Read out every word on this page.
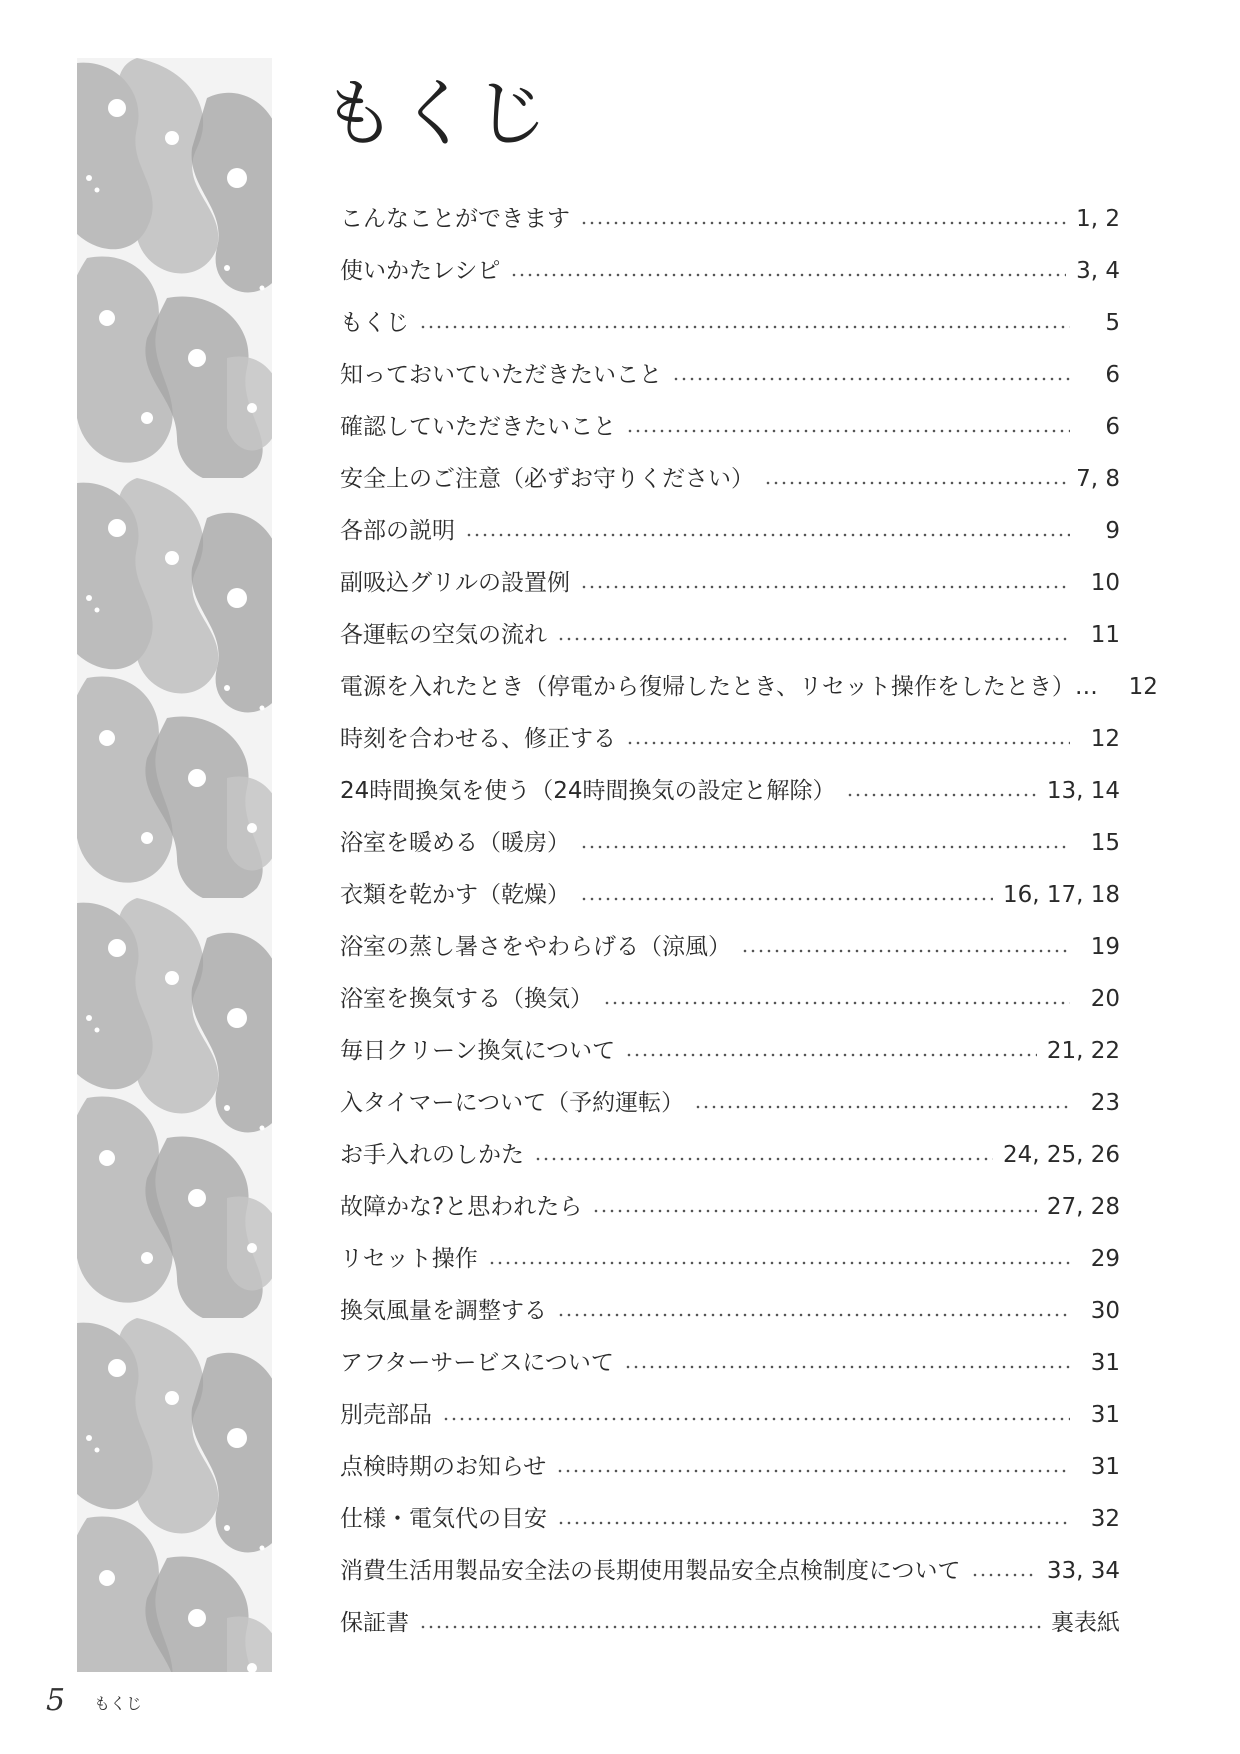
もくじ
こんなことができます	1, 2
使いかたレシピ	3, 4
もくじ	5
知っておいていただきたいこと	6
確認していただきたいこと	6
安全上のご注意（必ずお守りください）	7, 8
各部の説明	9
副吸込グリルの設置例	10
各運転の空気の流れ	11
電源を入れたとき（停電から復帰したとき、リセット操作をしたとき）…	12
時刻を合わせる、修正する	12
24時間換気を使う（24時間換気の設定と解除）	13, 14
浴室を暖める（暖房）	15
衣類を乾かす（乾燥）	16, 17, 18
浴室の蒸し暑さをやわらげる（涼風）	19
浴室を換気する（換気）	20
毎日クリーン換気について	21, 22
入タイマーについて（予約運転）	23
お手入れのしかた	24, 25, 26
故障かな?と思われたら	27, 28
リセット操作	29
換気風量を調整する	30
アフターサービスについて	31
別売部品	31
点検時期のお知らせ	31
仕様・電気代の目安	32
消費生活用製品安全法の長期使用製品安全点検制度について	33, 34
保証書	裏表紙
5 もくじ
